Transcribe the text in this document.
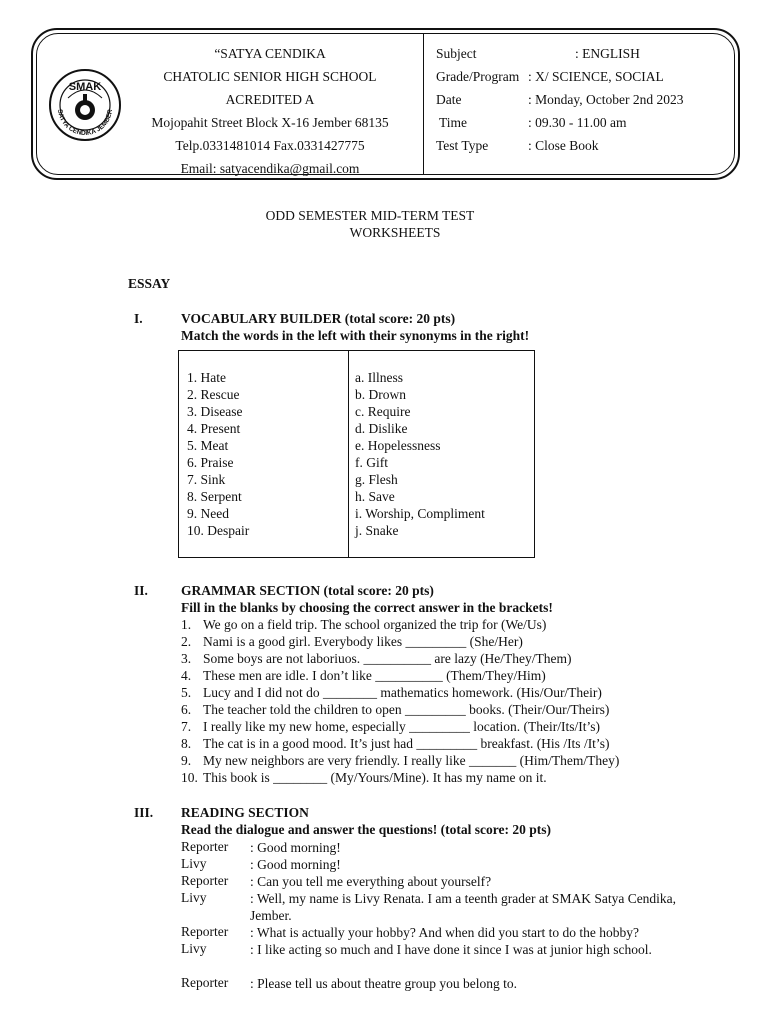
SMAK
SATYA CENDIKA JEMBER
“SATYA CENDIKA
CHATOLIC SENIOR HIGH SCHOOL
ACREDITED A
Mojopahit Street Block X-16 Jember 68135
Telp.0331481014 Fax.0331427775
Email: satyacendika@gmail.com
Subject	: ENGLISH
Grade/Program : X/ SCIENCE, SOCIAL
Date	: Monday, October 2nd 2023
Time	: 09.30 - 11.00 am
Test Type	: Close Book
ODD SEMESTER MID-TERM TEST
WORKSHEETS
ESSAY
I.	VOCABULARY BUILDER (total score: 20 pts)
Match the words in the left with their synonyms in the right!
1. Hate
2. Rescue
3. Disease
4. Present
5. Meat
6. Praise
7. Sink
8. Serpent
9. Need
10. Despair
a. Illness
b. Drown
c. Require
d. Dislike
e. Hopelessness
f. Gift
g. Flesh
h. Save
i. Worship, Compliment
j. Snake
II. GRAMMAR SECTION (total score: 20 pts)
Fill in the blanks by choosing the correct answer in the brackets!
1. We go on a field trip. The school organized the trip for (We/Us)
2. Nami is a good girl. Everybody likes _________ (She/Her)
3. Some boys are not laboriuos. __________ are lazy (He/They/Them)
4. These men are idle. I don’t like __________ (Them/They/Him)
5. Lucy and I did not do ________ mathematics homework. (His/Our/Their)
6. The teacher told the children to open _________ books. (Their/Our/Theirs)
7. I really like my new home, especially _________ location. (Their/Its/It’s)
8. The cat is in a good mood. It’s just had _________ breakfast. (His /Its /It’s)
9. My new neighbors are very friendly. I really like _______ (Him/Them/They)
10. This book is ________ (My/Yours/Mine). It has my name on it.
III. READING SECTION
Read the dialogue and answer the questions! (total score: 20 pts)
Reporter : Good morning!
Livy	: Good morning!
Reporter : Can you tell me everything about yourself?
Livy	: Well, my name is Livy Renata. I am a teenth grader at SMAK Satya Cendika, Jember.
Reporter : What is actually your hobby? And when did you start to do the hobby?
Livy	: I like acting so much and I have done it since I was at junior high school.
Reporter : Please tell us about theatre group you belong to.
